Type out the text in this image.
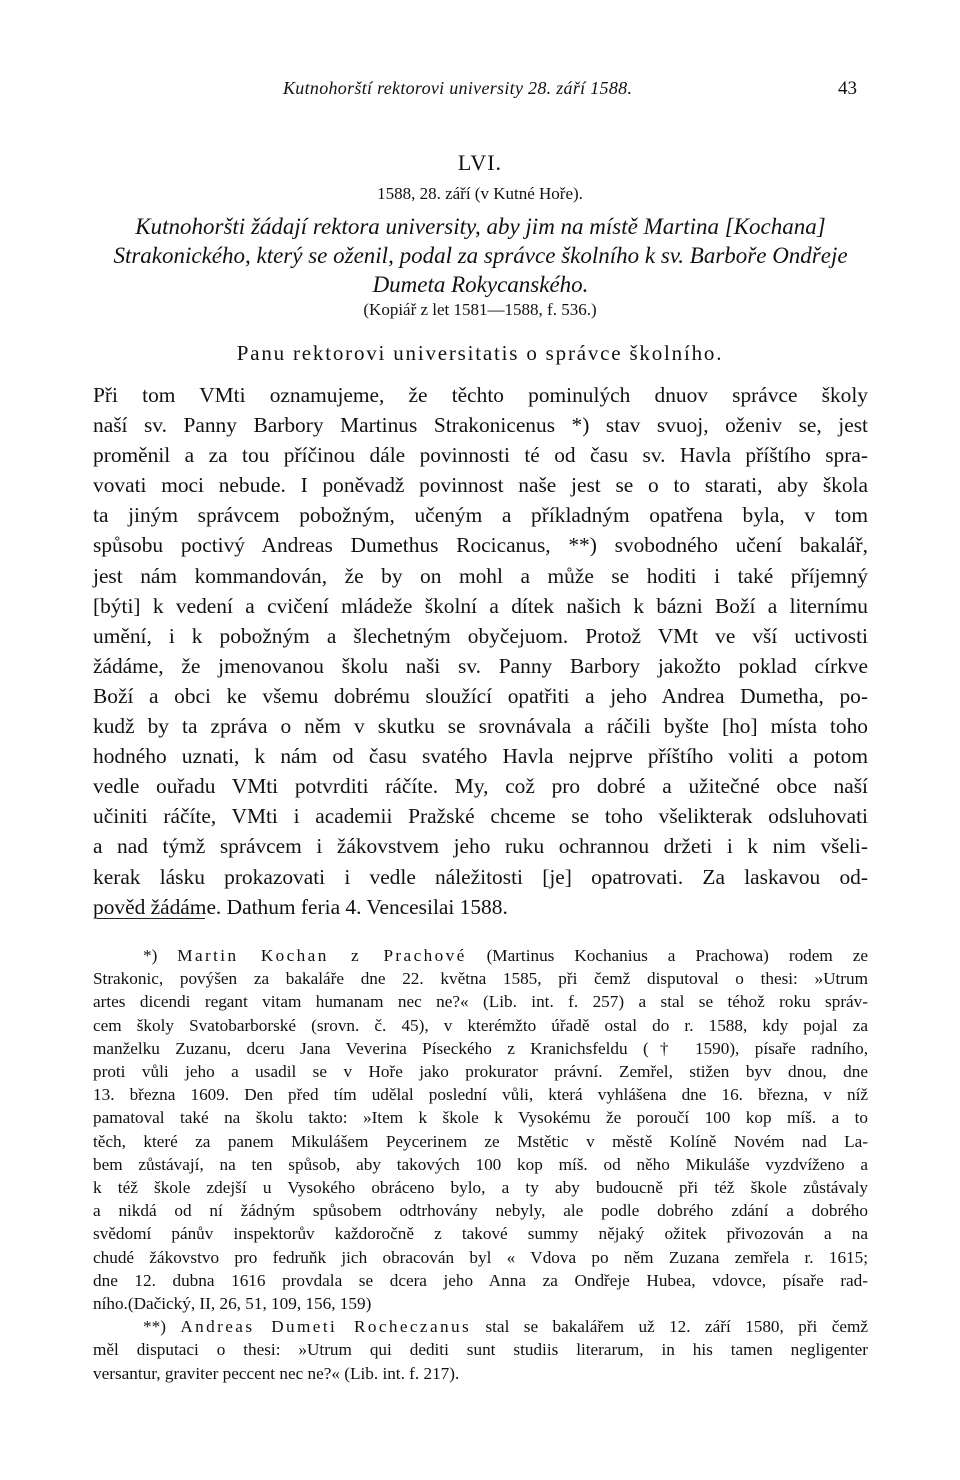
Kutnohorští rektorovi university 28. září 1588.	43
LVI.
1588, 28. září (v Kutné Hoře).
Kutnohoršti žádají rektora university, aby jim na místě Martina [Kochana]
Strakonického, který se oženil, podal za správce školního k sv. Barboře Ondřeje
Dumeta Rokycanského.
(Kopiář z let 1581—1588, f. 536.)
Panu rektorovi universitatis o správce školního.
Při tom VMti oznamujeme, že těchto pominulých dnuov správce školy
naší sv. Panny Barbory Martinus Strakonicenus *) stav svuoj, oženiv se, jest
proměnil a za tou příčinou dále povinnosti té od času sv. Havla příštího spra-
vovati moci nebude. I poněvadž povinnost naše jest se o to starati, aby škola
ta jiným správcem pobožným, učeným a příkladným opatřena byla, v tom
spůsobu poctivý Andreas Dumethus Rocicanus, **) svobodného učení bakalář,
jest nám kommandován, že by on mohl a může se hoditi i také příjemný
[býti] k vedení a cvičení mládeže školní a dítek našich k bázni Boží a liternímu
umění, i k pobožným a šlechetným obyčejuom. Protož VMt ve vší uctivosti
žádáme, že jmenovanou školu naši sv. Panny Barbory jakožto poklad církve
Boží a obci ke všemu dobrému sloužící opatřiti a jeho Andrea Dumetha, po-
kudž by ta zpráva o něm v skutku se srovnávala a ráčili byšte [ho] místa toho
hodného uznati, k nám od času svatého Havla nejprve příštího voliti a potom
vedle ouřadu VMti potvrditi ráčíte. My, což pro dobré a užitečné obce naší
učiniti ráčíte, VMti i academii Pražské chceme se toho všelikterak odsluhovati
a nad týmž správcem i žákovstvem jeho ruku ochrannou držeti i k nim všeli-
kerak lásku prokazovati i vedle náležitosti [je] opatrovati. Za laskavou od-
pověd žádáme. Dathum feria 4. Vencesilai 1588.
*) Martin Kochan z Prachové (Martinus Kochanius a Prachowa) rodem ze
Strakonic, povýšen za bakaláře dne 22. května 1585, při čemž disputoval o thesi: »Utrum
artes dicendi regant vitam humanam nec ne?« (Lib. int. f. 257) a stal se téhož roku správ-
cem školy Svatobarborské (srovn. č. 45), v kterémžto úřadě ostal do r. 1588, kdy pojal za
manželku Zuzanu, dceru Jana Veverina Píseckého z Kranichsfeldu († 1590), písaře radního,
proti vůli jeho a usadil se v Hoře jako prokurator právní. Zemřel, stižen byv dnou, dne
13. března 1609. Den před tím udělal poslední vůli, která vyhlášena dne 16. března, v níž
pamatoval také na školu takto: »Item k škole k Vysokému že poroučí 100 kop míš. a to
těch, které za panem Mikulášem Peycerinem ze Mstětic v městě Kolíně Novém nad La-
bem zůstávají, na ten spůsob, aby takových 100 kop míš. od něho Mikuláše vyzdvíženo a
k též škole zdejší u Vysokého obráceno bylo, a ty aby budoucně při též škole zůstávaly
a nikdá od ní žádným spůsobem odtrhovány nebyly, ale podle dobrého zdání a dobrého
svědomí pánův inspektorův každoročně z takové summy nějaký ožitek přivozován a na
chudé žákovstvo pro fedruňk jich obracován byl « Vdova po něm Zuzana zemřela r. 1615;
dne 12. dubna 1616 provdala se dcera jeho Anna za Ondřeje Hubea, vdovce, písaře rad-
ního.(Dačický, II, 26, 51, 109, 156, 159)
**) Andreas Dumeti Rocheczanus stal se bakalářem už 12. září 1580, při čemž
měl disputaci o thesi: »Utrum qui dediti sunt studiis literarum, in his tamen negligenter
versantur, graviter peccent nec ne?« (Lib. int. f. 217).
